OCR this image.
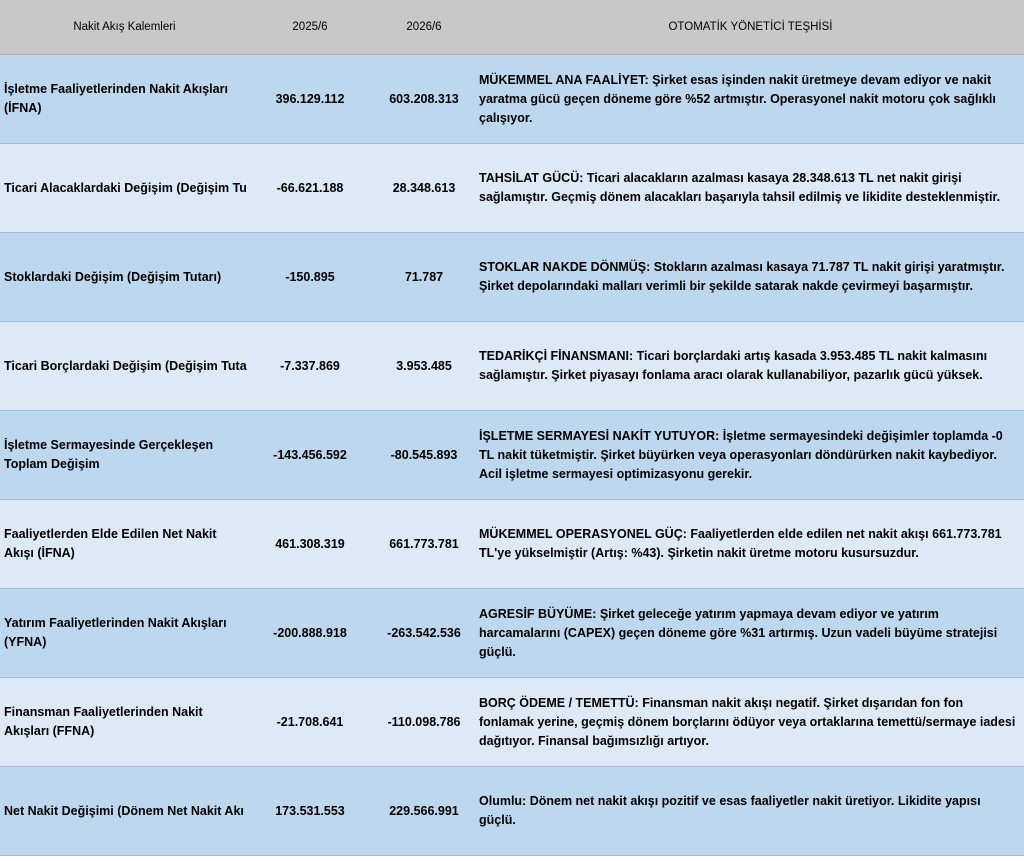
Nakit Akış Kalemleri	2025/6	2026/6	OTOMATİK YÖNETİCİ TEŞHİSİ
İşletme Faaliyetlerinden Nakit Akışları (İFNA)	396.129.112	603.208.313	MÜKEMMEL ANA FAALİYET: Şirket esas işinden nakit üretmeye devam ediyor ve nakit yaratma gücü geçen döneme göre %52 artmıştır. Operasyonel nakit motoru çok sağlıklı çalışıyor.
Ticari Alacaklardaki Değişim (Değişim Tu	-66.621.188	28.348.613	TAHSİLAT GÜCÜ: Ticari alacakların azalması kasaya 28.348.613 TL net nakit girişi sağlamıştır. Geçmiş dönem alacakları başarıyla tahsil edilmiş ve likidite desteklenmiştir.
Stoklardaki Değişim (Değişim Tutarı)	-150.895	71.787	STOKLAR NAKDE DÖNMÜŞ: Stokların azalması kasaya 71.787 TL nakit girişi yaratmıştır. Şirket depolarındaki malları verimli bir şekilde satarak nakde çevirmeyi başarmıştır.
Ticari Borçlardaki Değişim (Değişim Tuta	-7.337.869	3.953.485	TEDARİKÇİ FİNANSMANI: Ticari borçlardaki artış kasada 3.953.485 TL nakit kalmasını sağlamıştır. Şirket piyasayı fonlama aracı olarak kullanabiliyor, pazarlık gücü yüksek.
İşletme Sermayesinde Gerçekleşen Toplam Değişim	-143.456.592	-80.545.893	İŞLETME SERMAYESİ NAKİT YUTUYOR: İşletme sermayesindeki değişimler toplamda -0 TL nakit tüketmiştir. Şirket büyürken veya operasyonları döndürürken nakit kaybediyor. Acil işletme sermayesi optimizasyonu gerekir.
Faaliyetlerden Elde Edilen Net Nakit Akışı (İFNA)	461.308.319	661.773.781	MÜKEMMEL OPERASYONEL GÜÇ: Faaliyetlerden elde edilen net nakit akışı 661.773.781 TL'ye yükselmiştir (Artış: %43). Şirketin nakit üretme motoru kusursuzdur.
Yatırım Faaliyetlerinden Nakit Akışları (YFNA)	-200.888.918	-263.542.536	AGRESİF BÜYÜME: Şirket geleceğe yatırım yapmaya devam ediyor ve yatırım harcamalarını (CAPEX) geçen döneme göre %31 artırmış. Uzun vadeli büyüme stratejisi güçlü.
Finansman Faaliyetlerinden Nakit Akışları (FFNA)	-21.708.641	-110.098.786	BORÇ ÖDEME / TEMETTÜ: Finansman nakit akışı negatif. Şirket dışarıdan fon fon fonlamak yerine, geçmiş dönem borçlarını ödüyor veya ortaklarına temettü/sermaye iadesi dağıtıyor. Finansal bağımsızlığı artıyor.
Net Nakit Değişimi (Dönem Net Nakit Akı	173.531.553	229.566.991	Olumlu: Dönem net nakit akışı pozitif ve esas faaliyetler nakit üretiyor. Likidite yapısı güçlü.
